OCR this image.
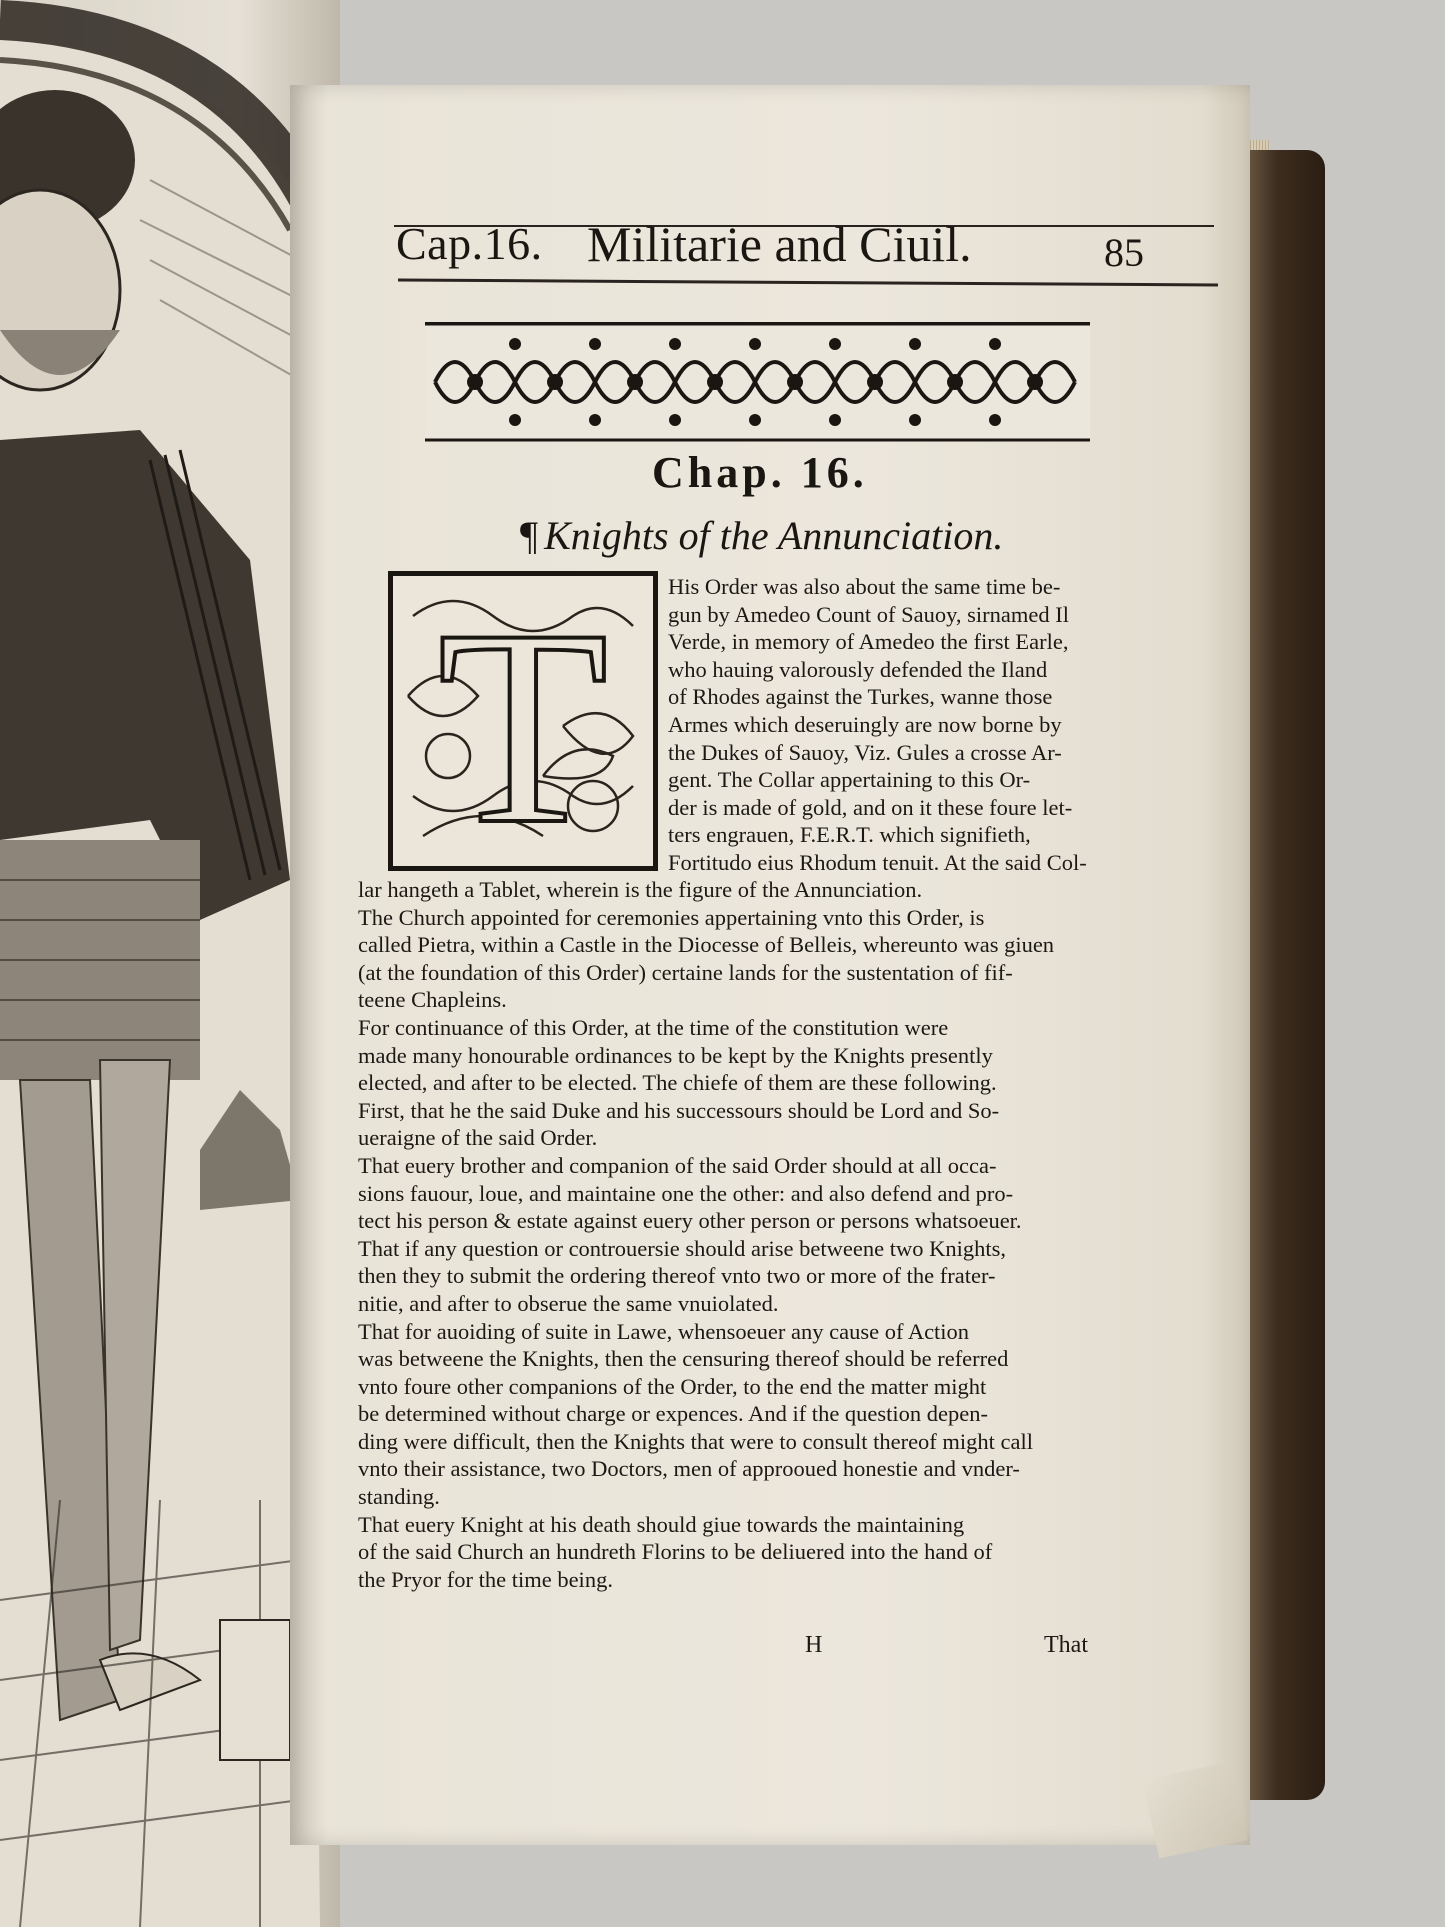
Cap.16. Militarie and Ciuil.	85
Chap. 16.
¶ Knights of the Annunciation.
T	His Order was also about the same time be-
gun by Amedeo Count of Sauoy, sirnamed Il
Verde, in memory of Amedeo the first Earle,
who hauing valorously defended the Iland
of Rhodes against the Turkes, wanne those
Armes which deseruingly are now borne by
the Dukes of Sauoy, Viz. Gules a crosse Ar-
gent. The Collar appertaining to this Or-
der is made of gold, and on it these foure let-
ters engrauen, F.E.R.T. which signifieth,
Fortitudo eius Rhodum tenuit. At the said Col-
lar hangeth a Tablet, wherein is the figure of the Annunciation.
The Church appointed for ceremonies appertaining vnto this Order, is
called Pietra, within a Castle in the Diocesse of Belleis, whereunto was giuen
(at the foundation of this Order) certaine lands for the sustentation of fif-
teene Chapleins.
For continuance of this Order, at the time of the constitution were
made many honourable ordinances to be kept by the Knights presently
elected, and after to be elected. The chiefe of them are these following.
First, that he the said Duke and his successours should be Lord and So-
ueraigne of the said Order.
That euery brother and companion of the said Order should at all occa-
sions fauour, loue, and maintaine one the other: and also defend and pro-
tect his person & estate against euery other person or persons whatsoeuer.
That if any question or controuersie should arise betweene two Knights,
then they to submit the ordering thereof vnto two or more of the frater-
nitie, and after to obserue the same vnuiolated.
That for auoiding of suite in Lawe, whensoeuer any cause of Action
was betweene the Knights, then the censuring thereof should be referred
vnto foure other companions of the Order, to the end the matter might
be determined without charge or expences. And if the question depen-
ding were difficult, then the Knights that were to consult thereof might call
vnto their assistance, two Doctors, men of approoued honestie and vnder-
standing.
That euery Knight at his death should giue towards the maintaining
of the said Church an hundreth Florins to be deliuered into the hand of
the Pryor for the time being.
H	That
